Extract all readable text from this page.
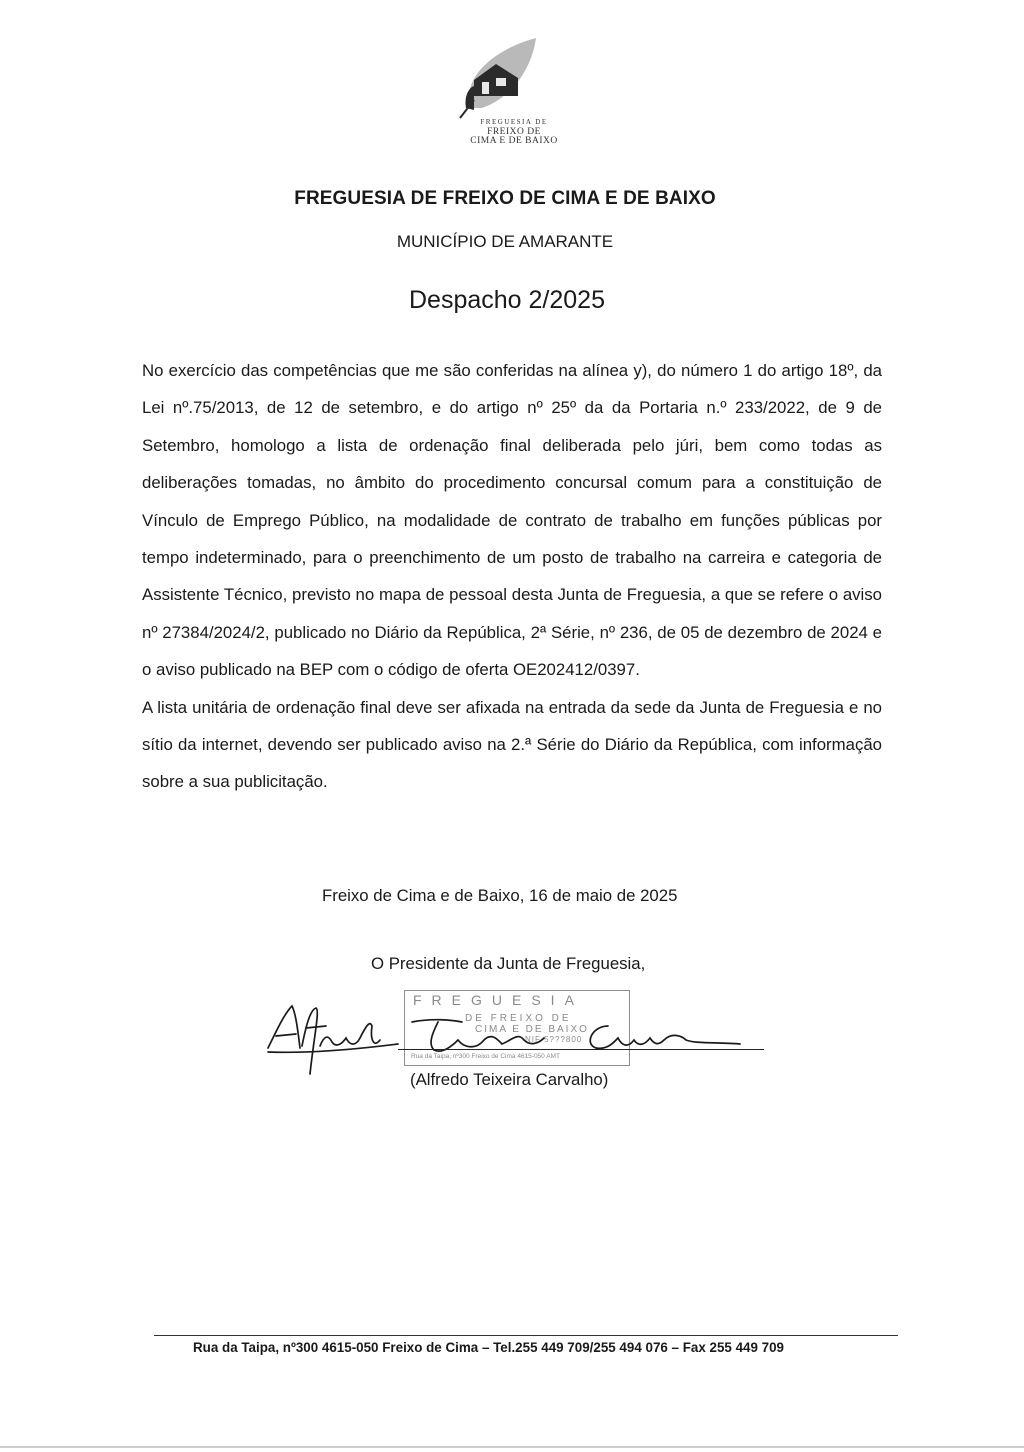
FREGUESIA DE
FREIXO DE
CIMA E DE BAIXO
FREGUESIA DE FREIXO DE CIMA E DE BAIXO
MUNICÍPIO DE AMARANTE
Despacho 2/2025

No exercício das competências que me são conferidas na alínea y), do número 1 do artigo 18º, da Lei nº.75/2013, de 12 de setembro, e do artigo nº 25º da da Portaria n.º 233/2022, de 9 de Setembro, homologo a lista de ordenação final deliberada pelo júri, bem como todas as deliberações tomadas, no âmbito do procedimento concursal comum para a constituição de Vínculo de Emprego Público, na modalidade de contrato de trabalho em funções públicas por tempo indeterminado, para o preenchimento de um posto de trabalho na carreira e categoria de Assistente Técnico, previsto no mapa de pessoal desta Junta de Freguesia, a que se refere o aviso nº 27384/2024/2, publicado no Diário da República, 2ª Série, nº 236, de 05 de dezembro de 2024 e o aviso publicado na BEP com o código de oferta OE202412/0397.

A lista unitária de ordenação final deve ser afixada na entrada da sede da Junta de Freguesia e no sítio da internet, devendo ser publicado aviso na 2.ª Série do Diário da República, com informação sobre a sua publicitação.

Freixo de Cima e de Baixo, 16 de maio de 2025
O Presidente da Junta de Freguesia,
FREGUESIA
DE FREIXO DE
CIMA E DE BAIXO
NIF 5???800
Rua da Taipa, nº300 Freixo de Cima 4615-050 AMT
(Alfredo Teixeira Carvalho)
Rua da Taipa, nº300 4615-050 Freixo de Cima – Tel.255 449 709/255 494 076 – Fax 255 449 709
